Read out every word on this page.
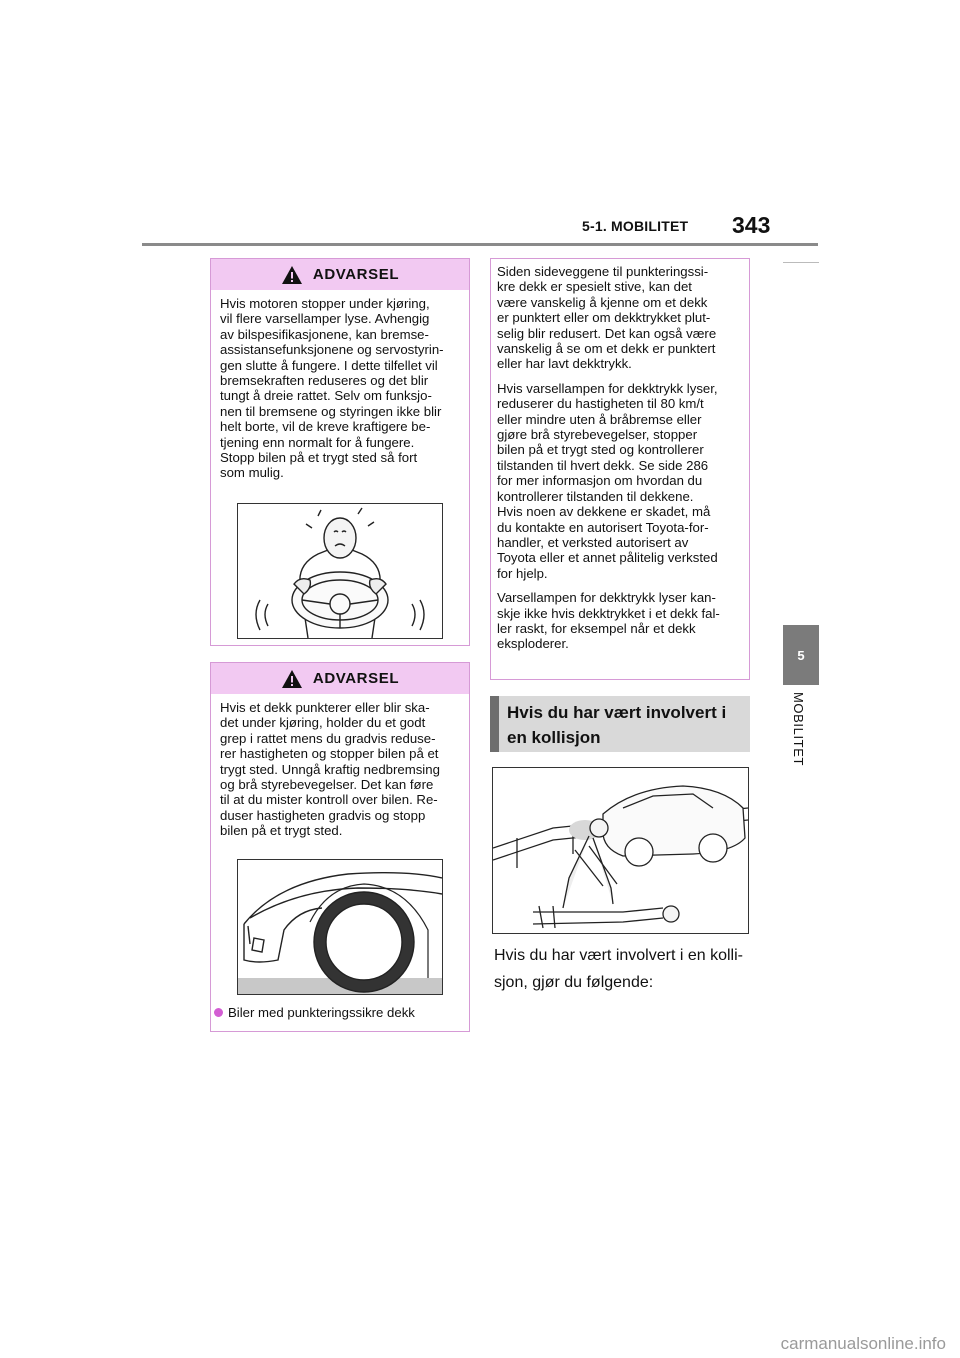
5-1. MOBILITET 343
5
MOBILITET
ADVARSEL
Hvis motoren stopper under kjøring,
vil flere varsellamper lyse. Avhengig
av bilspesifikasjonene, kan bremse-
assistansefunksjonene og servostyrin-
gen slutte å fungere. I dette tilfellet vil
bremsekraften reduseres og det blir
tungt å dreie rattet. Selv om funksjo-
nen til bremsene og styringen ikke blir
helt borte, vil de kreve kraftigere be-
tjening enn normalt for å fungere.
Stopp bilen på et trygt sted så fort
som mulig.
ADVARSEL
Hvis et dekk punkterer eller blir ska-
det under kjøring, holder du et godt
grep i rattet mens du gradvis reduse-
rer hastigheten og stopper bilen på et
trygt sted. Unngå kraftig nedbremsing
og brå styrebevegelser. Det kan føre
til at du mister kontroll over bilen. Re-
duser hastigheten gradvis og stopp
bilen på et trygt sted.
Biler med punkteringssikre dekk

Siden sideveggene til punkteringssi-
kre dekk er spesielt stive, kan det
være vanskelig å kjenne om et dekk
er punktert eller om dekktrykket plut-
selig blir redusert. Det kan også være
vanskelig å se om et dekk er punktert
eller har lavt dekktrykk.

Hvis varsellampen for dekktrykk lyser,
reduserer du hastigheten til 80 km/t
eller mindre uten å bråbremse eller
gjøre brå styrebevegelser, stopper
bilen på et trygt sted og kontrollerer
tilstanden til hvert dekk. Se side 286
for mer informasjon om hvordan du
kontrollerer tilstanden til dekkene.
Hvis noen av dekkene er skadet, må
du kontakte en autorisert Toyota-for-
handler, et verksted autorisert av
Toyota eller et annet pålitelig verksted
for hjelp.

Varsellampen for dekktrykk lyser kan-
skje ikke hvis dekktrykket i et dekk fal-
ler raskt, for eksempel når et dekk
eksploderer.

Hvis du har vært involvert i
en kollisjon
Hvis du har vært involvert i en kolli-
sjon, gjør du følgende:
carmanualsonline.info
